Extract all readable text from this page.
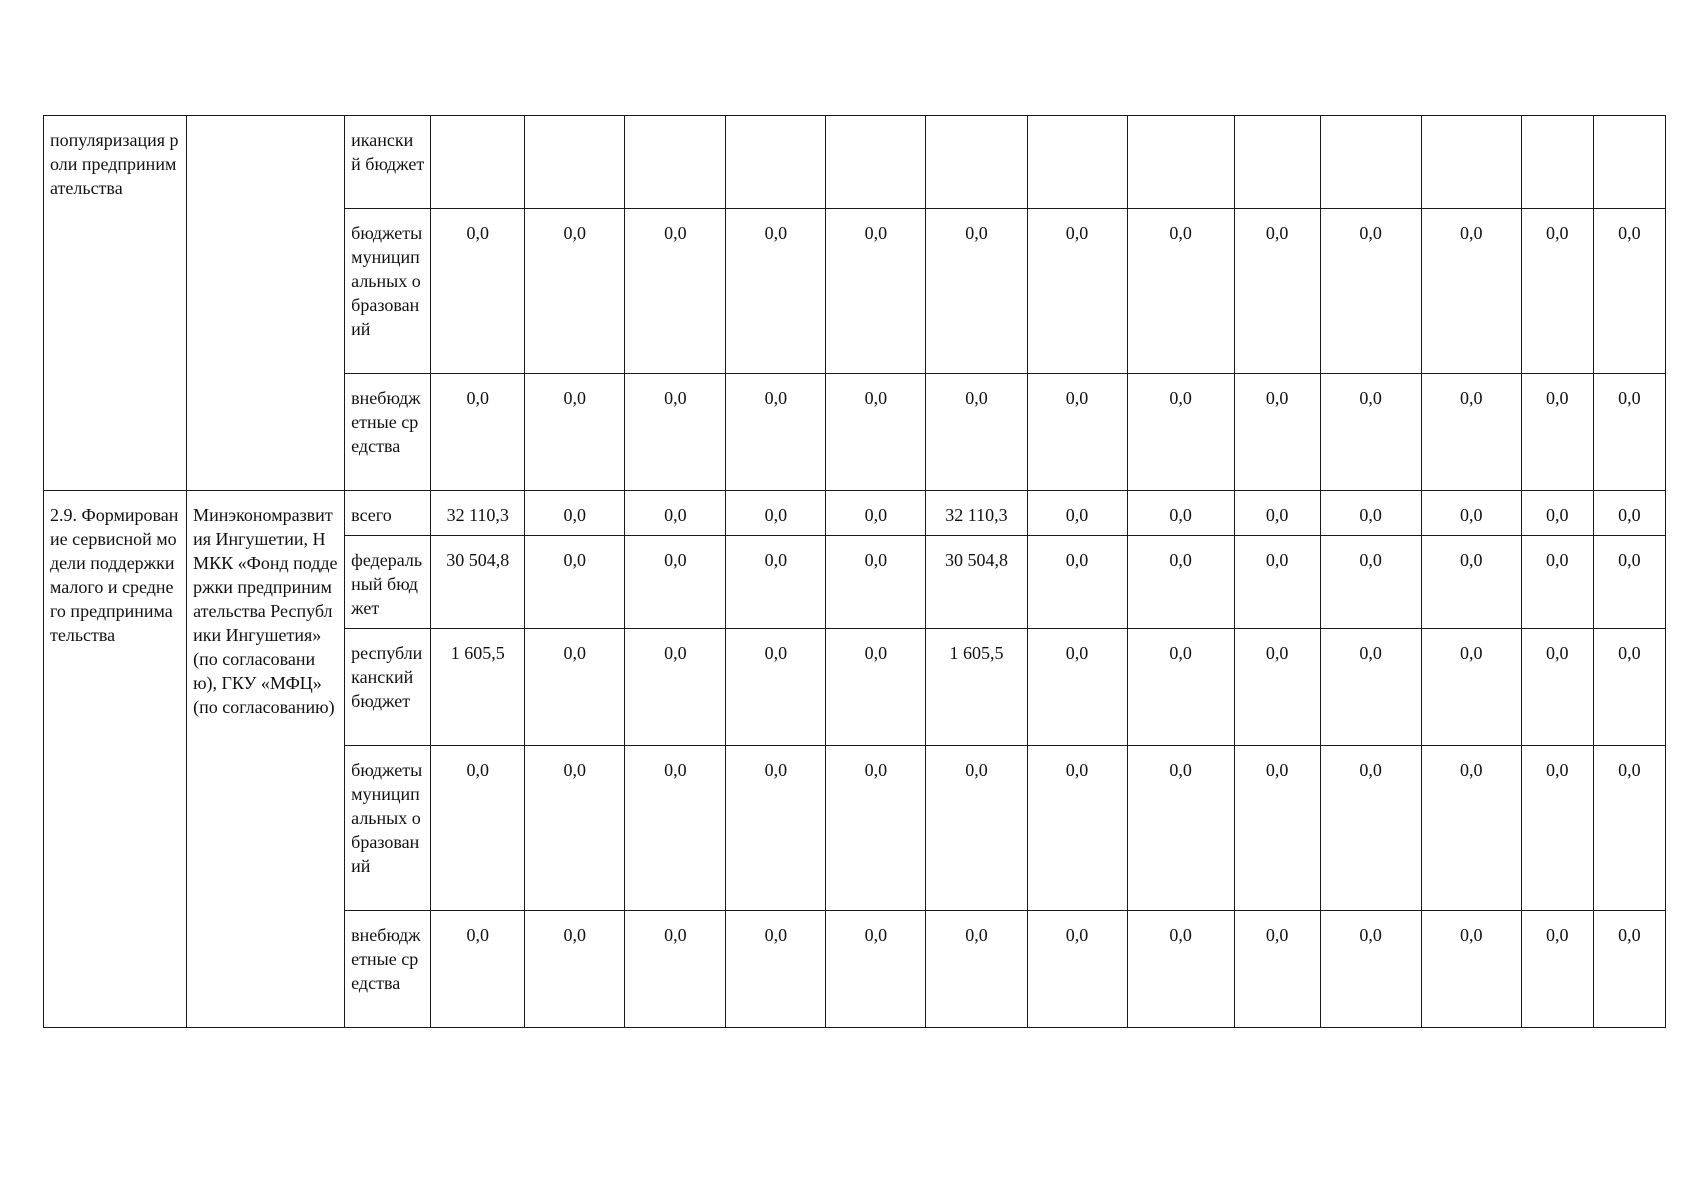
популяризация роли предпринимательства		икански й бюджет													
		бюджеты муниципальных образований	0,0	0,0	0,0	0,0	0,0	0,0	0,0	0,0	0,0	0,0	0,0	0,0	0,0
		внебюджетные средства	0,0	0,0	0,0	0,0	0,0	0,0	0,0	0,0	0,0	0,0	0,0	0,0	0,0
2.9. Формирование сервисной модели поддержки малого и среднего предпринимательства	Минэкономразвития Ингушетии, НМКК «Фонд поддержки предпринимательства Республики Ингушетия» (по согласованию), ГКУ «МФЦ» (по согласованию)	всего	32 110,3	0,0	0,0	0,0	0,0	32 110,3	0,0	0,0	0,0	0,0	0,0	0,0	0,0
		федеральный бюджет	30 504,8	0,0	0,0	0,0	0,0	30 504,8	0,0	0,0	0,0	0,0	0,0	0,0	0,0
		республиканский бюджет	1 605,5	0,0	0,0	0,0	0,0	1 605,5	0,0	0,0	0,0	0,0	0,0	0,0	0,0
		бюджеты муниципальных образований	0,0	0,0	0,0	0,0	0,0	0,0	0,0	0,0	0,0	0,0	0,0	0,0	0,0
		внебюджетные средства	0,0	0,0	0,0	0,0	0,0	0,0	0,0	0,0	0,0	0,0	0,0	0,0	0,0
